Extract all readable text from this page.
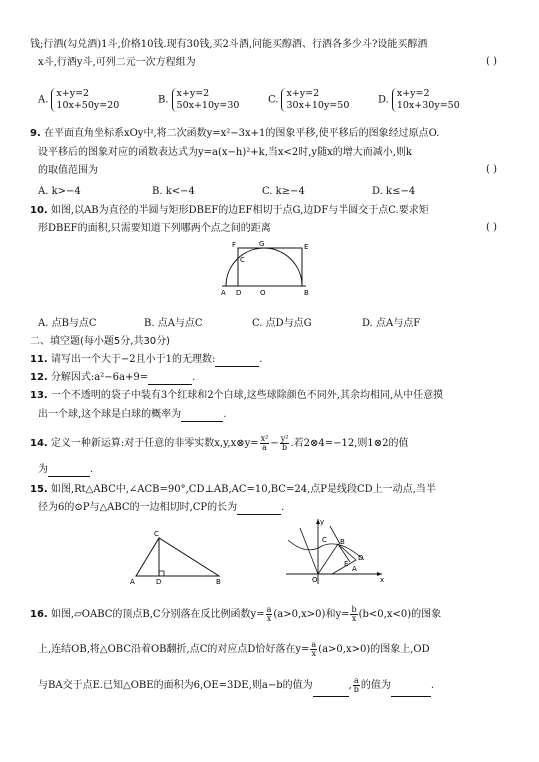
钱;行酒(勾兑酒)1斗,价格10钱.现有30钱,买2斗酒,问能买醇酒、行酒各多少斗?设能买醇酒
x斗,行酒y斗,可列二元一次方程组为	( )
A.
x+y=2
10x+50y=20	B.
x+y=2
50x+10y=30	C.
x+y=2
30x+10y=50	D.
x+y=2
10x+30y=50
9. 在平面直角坐标系xOy中,将二次函数y=x²−3x+1的图象平移,使平移后的图象经过原点O.
设平移后的图象对应的函数表达式为y=a(x−h)²+k,当x<2时,y随x的增大而减小,则k
的取值范围为	( )
A. k>−4	B. k<−4	C. k≥−4	D. k≤−4
10. 如图,以AB为直径的半圆与矩形DBEF的边EF相切于点G,边DF与半圆交于点C.要求矩
形DBEF的面积,只需要知道下列哪两个点之间的距离	( )
F	G	E
C
A D	O	B
A. 点B与点C	B. 点A与点C	C. 点D与点G	D. 点A与点F
二、填空题(每小题5分,共30分)
11. 请写出一个大于−2且小于1的无理数:	.
12. 分解因式:a²−6a+9=	.
13. 一个不透明的袋子中装有3个红球和2个白球,这些球除颜色不同外,其余均相同,从中任意摸
出一个球,这个球是白球的概率为	.
14. 定义一种新运算:对于任意的非零实数x,y,x⊗y= $\frac{\text{x²}}{a} - \frac{\text{y²}}{b}$ .若2⊗4=−12,则1⊗2的值
为	.
15. 如图,Rt△ABC中,∠ACB=90°,CD⊥AB,AC=10,BC=24,点P是线段CD上一动点,当半
径为6的⊙P与△ABC的一边相切时,CP的长为	.
C
A	D	B
y
C B
D
E
A
O	x
16. 如图,▱OABC的顶点B,C分别落在反比例函数$y= \frac{a}{x} (a>0,x>0)$和$y= \frac{b}{x} (b<0,x<0)$的图象
上,连结OB,将△OBC沿着OB翻折,点C的对应点D恰好落在$y= \frac{a}{x} (a>0,x>0)$的图象上,OD
与BA交于点E.已知△OBE的面积为6,OE=3DE,则a−b的值为	, $\frac{a}{b}$ 的值为	.
